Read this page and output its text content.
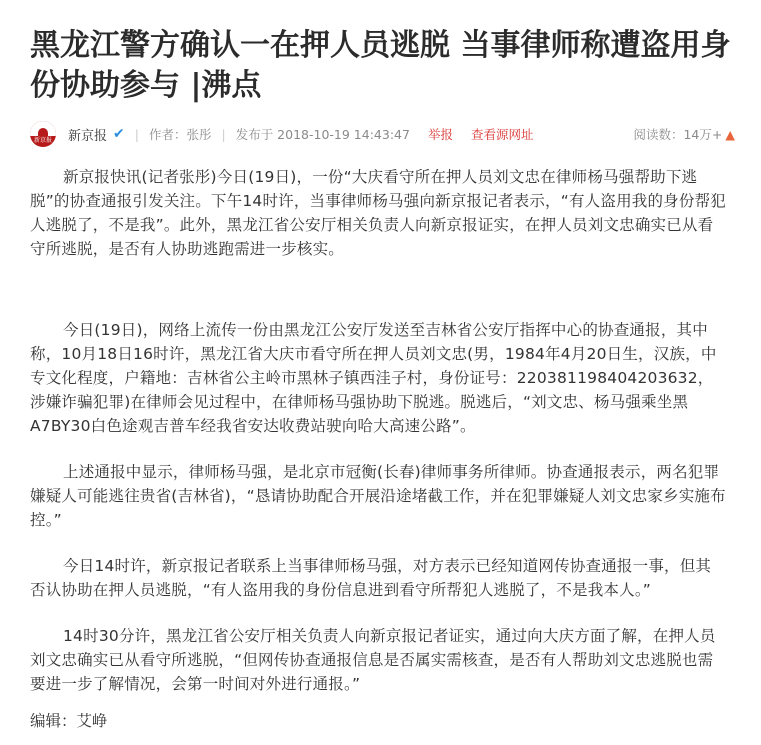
黑龙江警方确认一在押人员逃脱 当事律师称遭盗用身份协助参与 |沸点
新京报	新京报 ✔ | 作者：张彤 | 发布于 2018-10-19 14:43:47 举报 查看源网址	阅读数：14万+ ▲

新京报快讯(记者张彤)今日(19日)，一份“大庆看守所在押人员刘文忠在律师杨马强帮助下逃脱”的协查通报引发关注。下午14时许，当事律师杨马强向新京报记者表示，“有人盗用我的身份帮犯人逃脱了，不是我”。此外，黑龙江省公安厅相关负责人向新京报证实，在押人员刘文忠确实已从看守所逃脱，是否有人协助逃跑需进一步核实。

今日(19日)，网络上流传一份由黑龙江公安厅发送至吉林省公安厅指挥中心的协查通报，其中称，10月18日16时许，黑龙江省大庆市看守所在押人员刘文忠(男，1984年4月20日生，汉族，中专文化程度，户籍地：吉林省公主岭市黑林子镇西洼子村，身份证号：220381198404203632，涉嫌诈骗犯罪)在律师会见过程中，在律师杨马强协助下脱逃。脱逃后，“刘文忠、杨马强乘坐黑A7BY30白色途观吉普车经我省安达收费站驶向哈大高速公路”。

上述通报中显示，律师杨马强，是北京市冠衡(长春)律师事务所律师。协查通报表示，两名犯罪嫌疑人可能逃往贵省(吉林省)，“恳请协助配合开展沿途堵截工作，并在犯罪嫌疑人刘文忠家乡实施布控。”

今日14时许，新京报记者联系上当事律师杨马强，对方表示已经知道网传协查通报一事，但其否认协助在押人员逃脱，“有人盗用我的身份信息进到看守所帮犯人逃脱了，不是我本人。”

14时30分许，黑龙江省公安厅相关负责人向新京报记者证实，通过向大庆方面了解，在押人员刘文忠确实已从看守所逃脱，“但网传协查通报信息是否属实需核查，是否有人帮助刘文忠逃脱也需要进一步了解情况，会第一时间对外进行通报。”

编辑：艾峥
